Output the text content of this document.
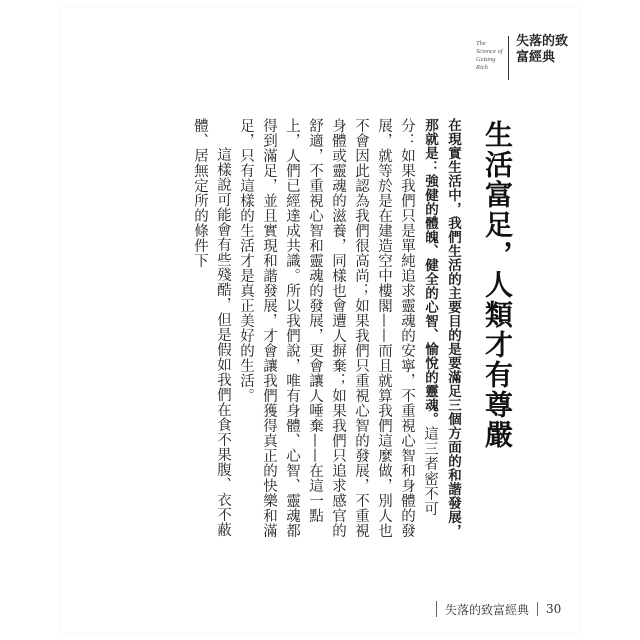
The Science of Getting Rich
失落的致富經典
生活富足，人類才有尊嚴

在現實生活中，我們生活的主要目的是要滿足三個方面的和諧發展，那就是：強健的體魄、健全的心智、愉悅的靈魂。這三者密不可分：如果我們只是單純追求靈魂的安寧，不重視心智和身體的發展，就等於是在建造空中樓閣——而且就算我們這麼做，別人也不會因此認為我們很高尚；如果我們只重視心智的發展，不重視身體或靈魂的滋養，同樣也會遭人摒棄；如果我們只追求感官的舒適，不重視心智和靈魂的發展，更會讓人唾棄——在這一點上，人們已經達成共識。所以我們說，唯有身體、心智、靈魂都得到滿足，並且實現和諧發展，才會讓我們獲得真正的快樂和滿足，只有這樣的生活才是真正美好的生活。

這樣說可能會有些殘酷，但是假如我們在食不果腹、衣不蔽體、居無定所的條件下

失落的致富經典 30
